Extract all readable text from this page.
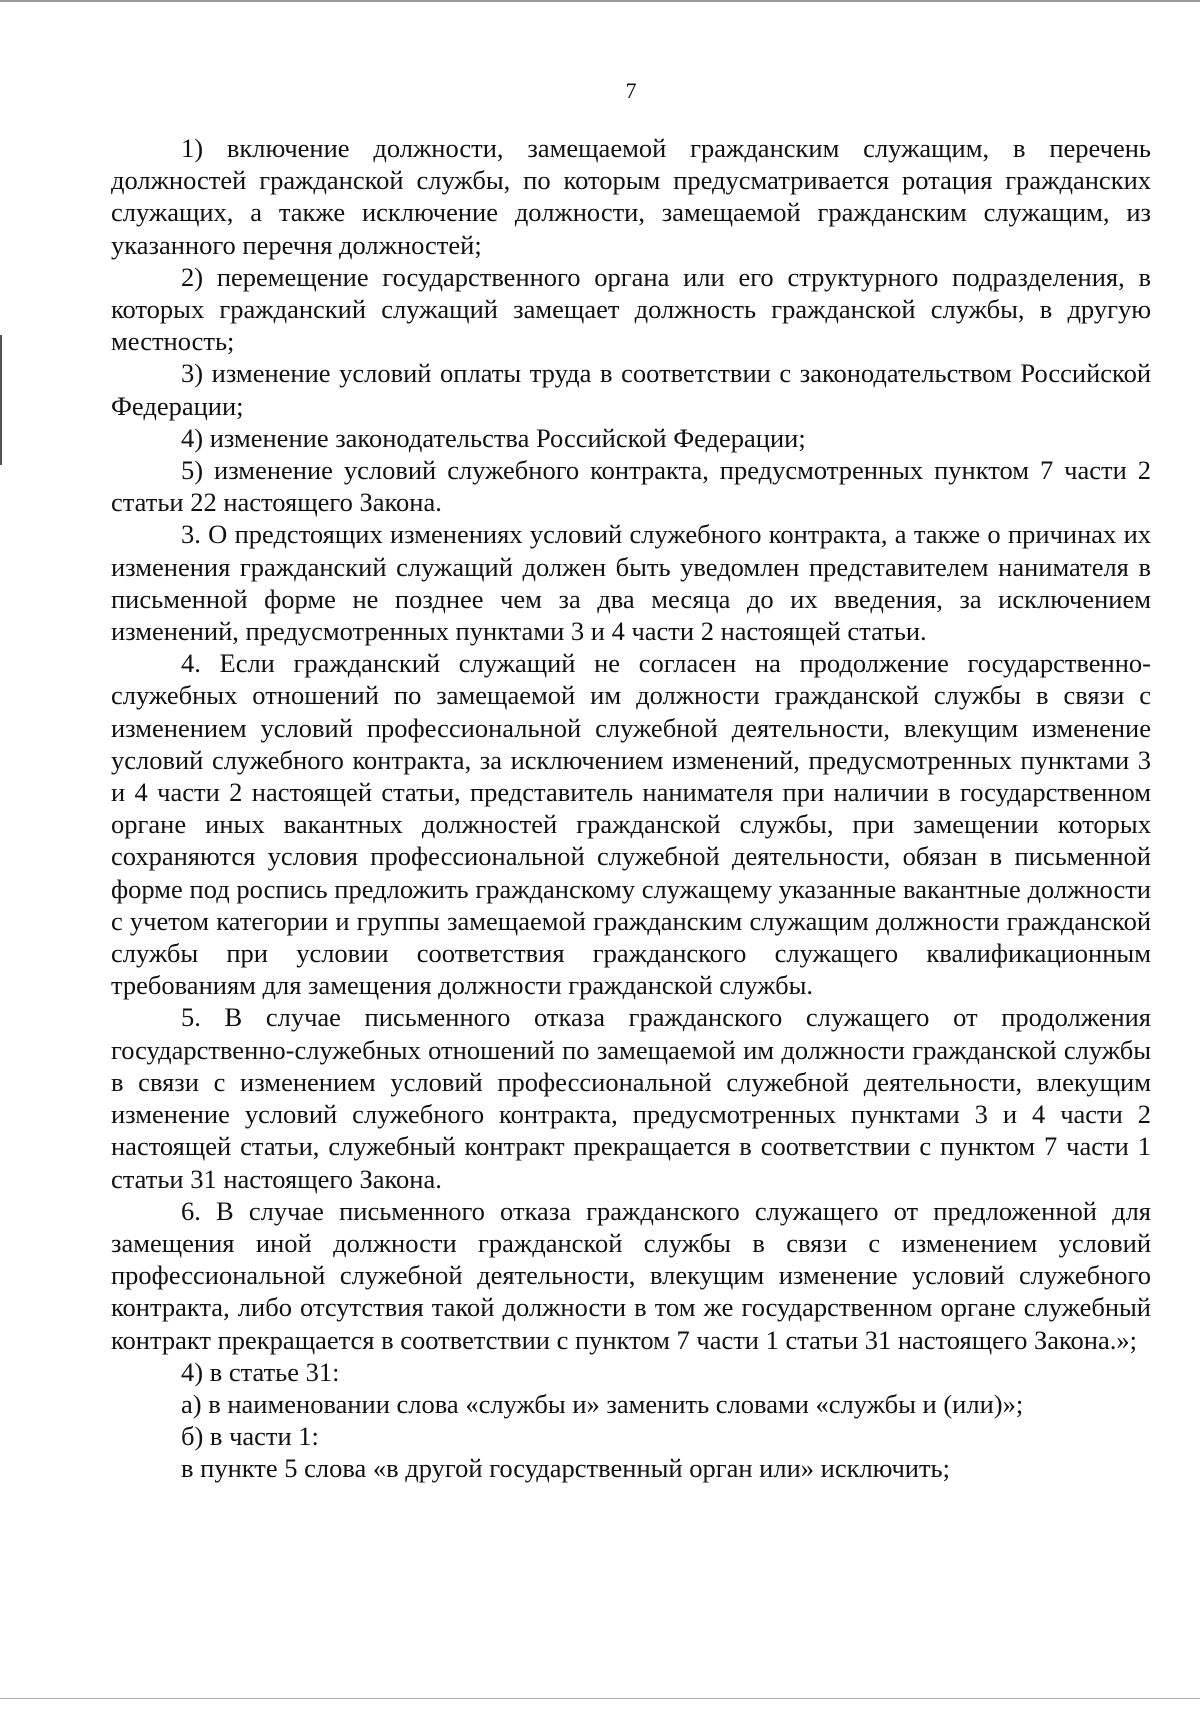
7

1) включение должности, замещаемой гражданским служащим, в перечень должностей гражданской службы, по которым предусматривается ротация гражданских служащих, а также исключение должности, замещаемой гражданским служащим, из указанного перечня должностей;

2) перемещение государственного органа или его структурного подразделения, в которых гражданский служащий замещает должность гражданской службы, в другую местность;

3) изменение условий оплаты труда в соответствии с законодательством Российской Федерации;

4) изменение законодательства Российской Федерации;

5) изменение условий служебного контракта, предусмотренных пунктом 7 части 2 статьи 22 настоящего Закона.

3. О предстоящих изменениях условий служебного контракта, а также о причинах их изменения гражданский служащий должен быть уведомлен представителем нанимателя в письменной форме не позднее чем за два месяца до их введения, за исключением изменений, предусмотренных пунктами 3 и 4 части 2 настоящей статьи.

4. Если гражданский служащий не согласен на продолжение государственно-служебных отношений по замещаемой им должности гражданской службы в связи с изменением условий профессиональной служебной деятельности, влекущим изменение условий служебного контракта, за исключением изменений, предусмотренных пунктами 3 и 4 части 2 настоящей статьи, представитель нанимателя при наличии в государственном органе иных вакантных должностей гражданской службы, при замещении которых сохраняются условия профессиональной служебной деятельности, обязан в письменной форме под роспись предложить гражданскому служащему указанные вакантные должности с учетом категории и группы замещаемой гражданским служащим должности гражданской службы при условии соответствия гражданского служащего квалификационным требованиям для замещения должности гражданской службы.

5. В случае письменного отказа гражданского служащего от продолжения государственно-служебных отношений по замещаемой им должности гражданской службы в связи с изменением условий профессиональной служебной деятельности, влекущим изменение условий служебного контракта, предусмотренных пунктами 3 и 4 части 2 настоящей статьи, служебный контракт прекращается в соответствии с пунктом 7 части 1 статьи 31 настоящего Закона.

6. В случае письменного отказа гражданского служащего от предложенной для замещения иной должности гражданской службы в связи с изменением условий профессиональной служебной деятельности, влекущим изменение условий служебного контракта, либо отсутствия такой должности в том же государственном органе служебный контракт прекращается в соответствии с пунктом 7 части 1 статьи 31 настоящего Закона.»;

4) в статье 31:

а) в наименовании слова «службы и» заменить словами «службы и (или)»;

б) в части 1:

в пункте 5 слова «в другой государственный орган или» исключить;
